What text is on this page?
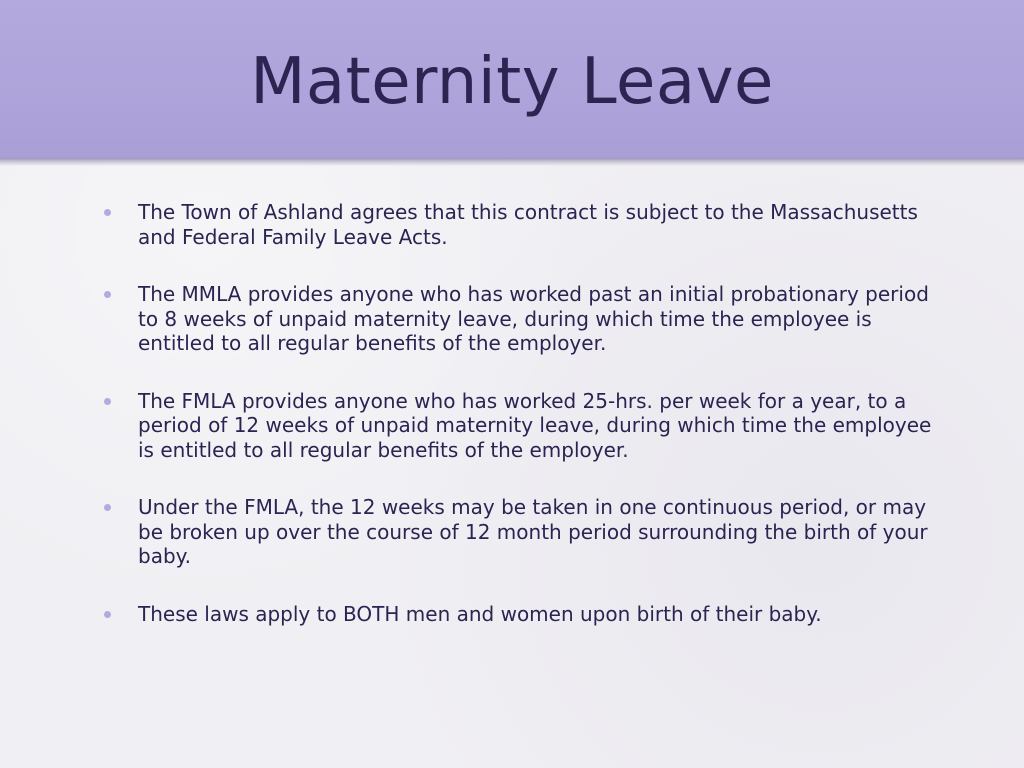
Maternity Leave
The Town of Ashland agrees that this contract is subject to the Massachusetts and Federal Family Leave Acts.
The MMLA provides anyone who has worked past an initial probationary period to 8 weeks of unpaid maternity leave, during which time the employee is entitled to all regular benefits of the employer.
The FMLA provides anyone who has worked 25-hrs. per week for a year, to a period of 12 weeks of unpaid maternity leave, during which time the employee is entitled to all regular benefits of the employer.
Under the FMLA, the 12 weeks may be taken in one continuous period, or may be broken up over the course of 12 month period surrounding the birth of your baby.
These laws apply to BOTH men and women upon birth of their baby.
